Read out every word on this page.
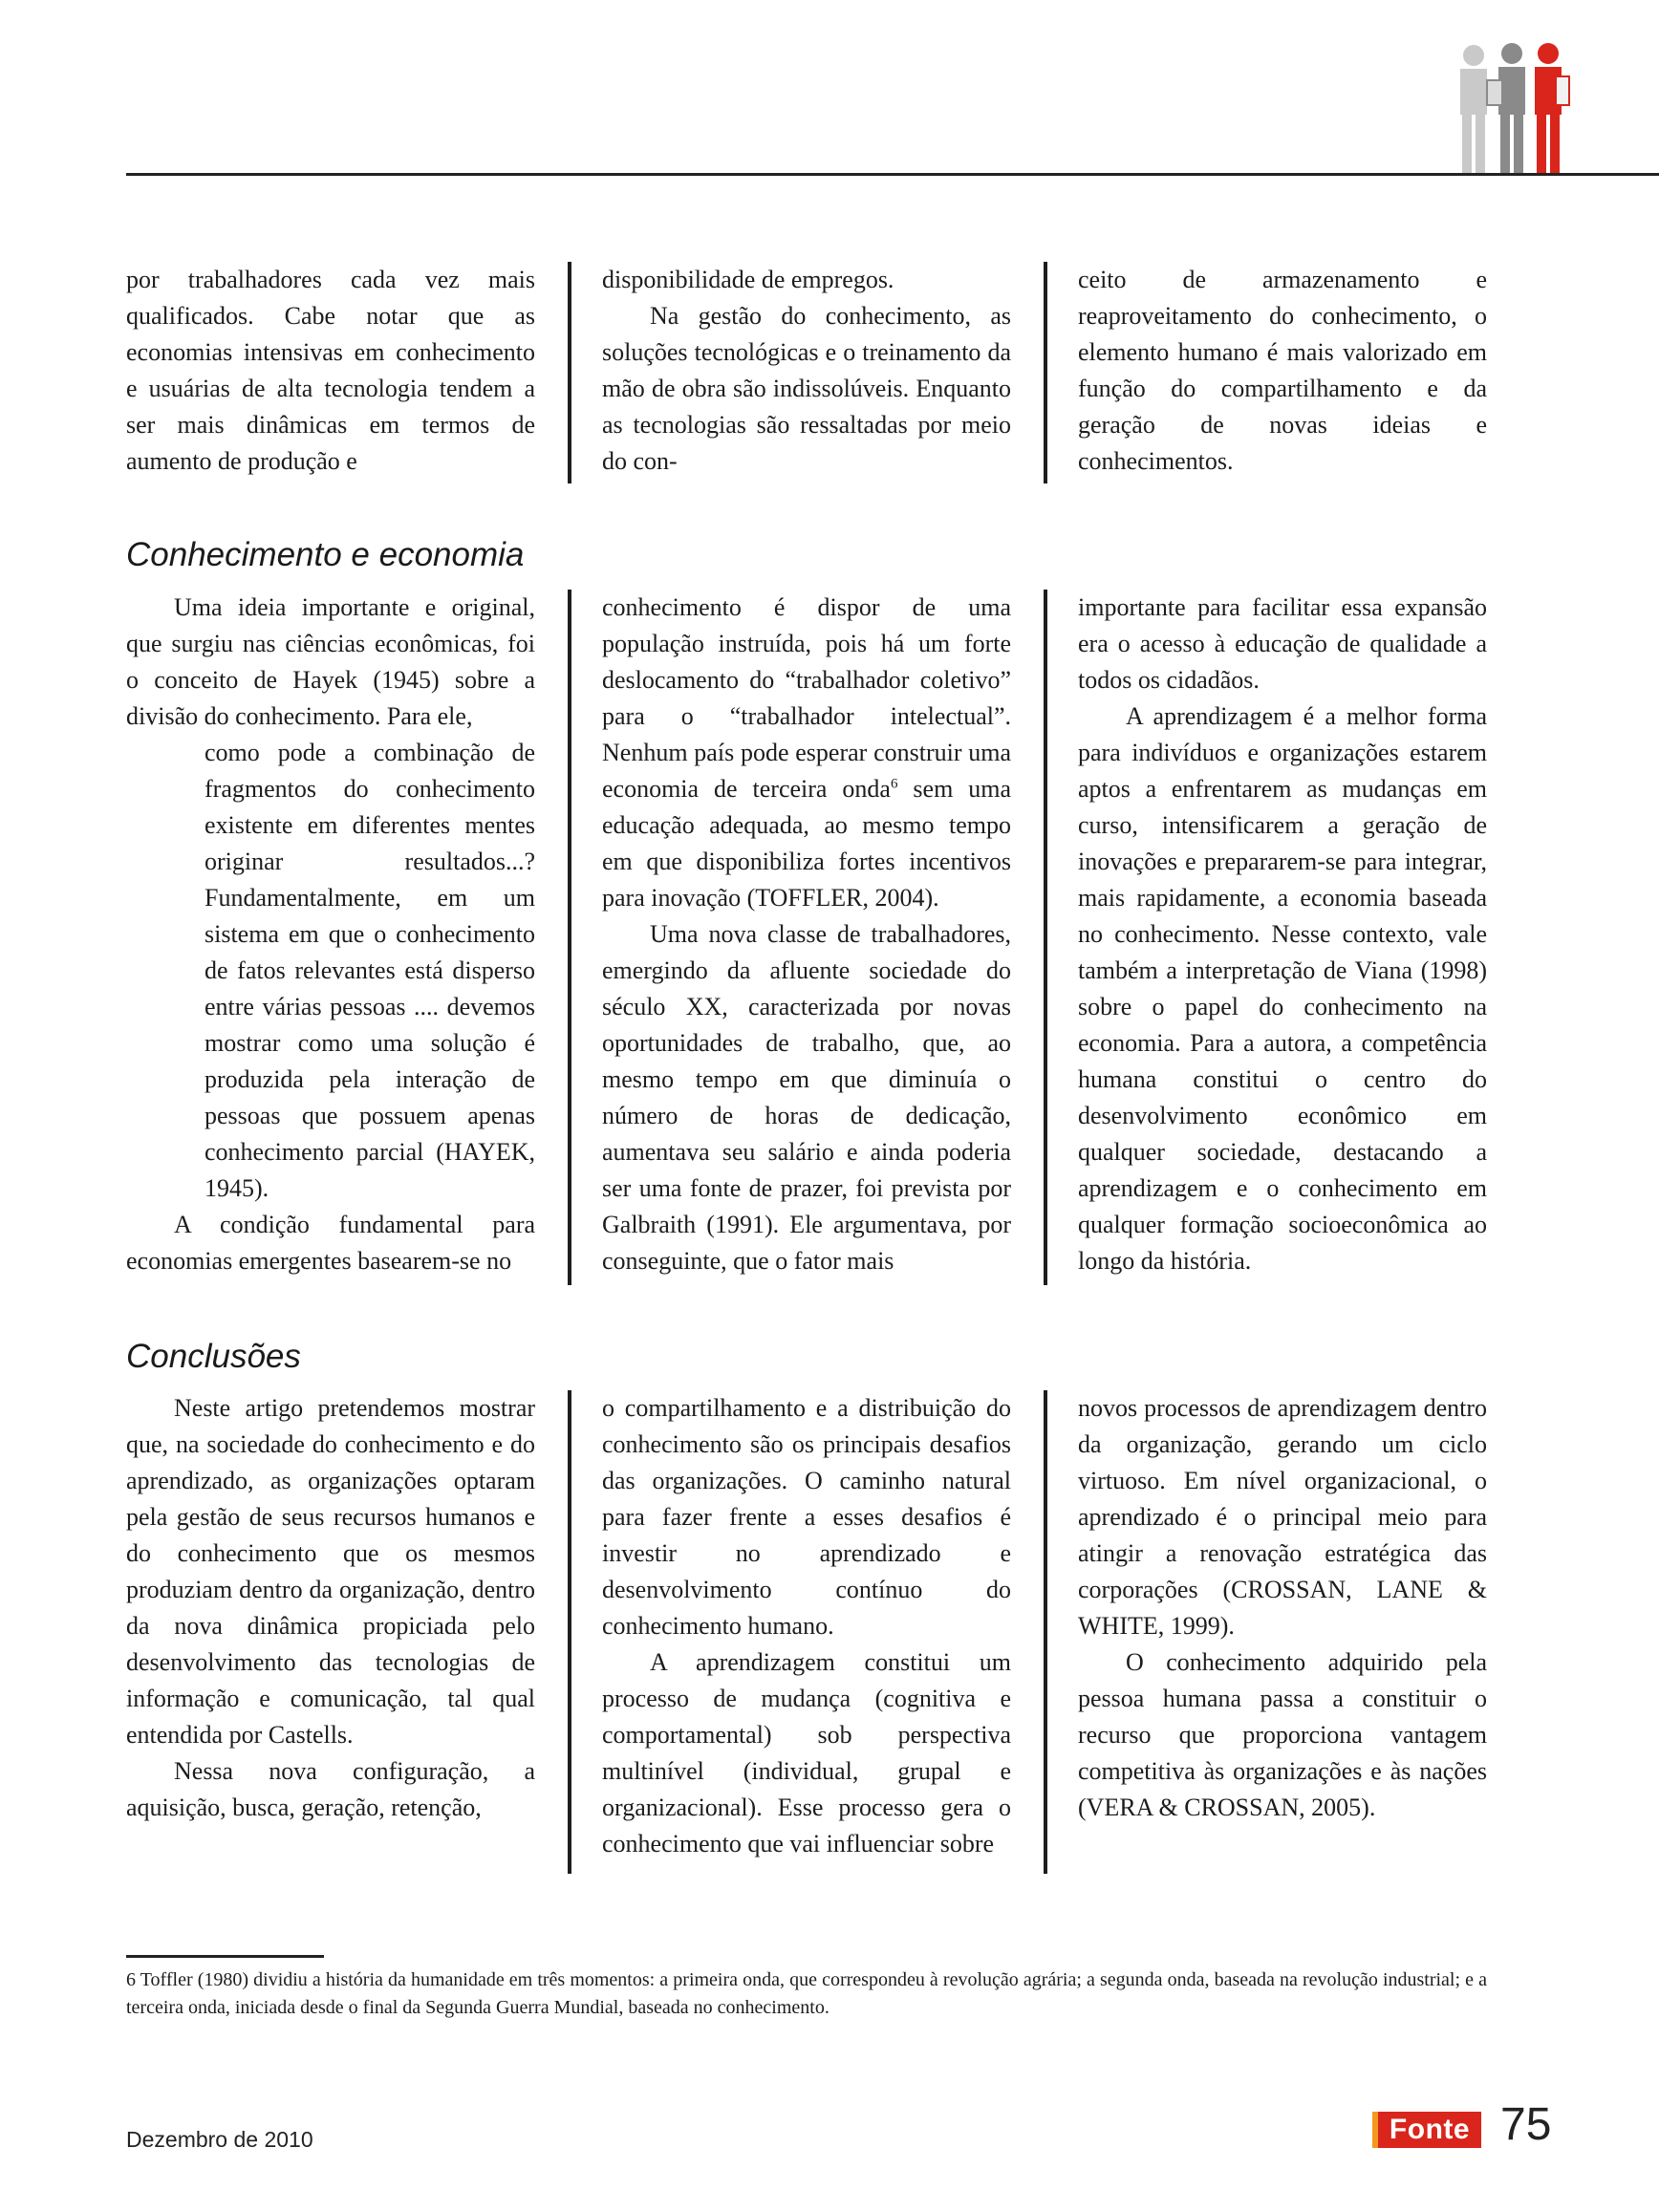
por trabalhadores cada vez mais qualificados. Cabe notar que as economias intensivas em conhecimento e usuárias de alta tecnologia tendem a ser mais dinâmicas em termos de aumento de produção e

disponibilidade de empregos.

Na gestão do conhecimento, as soluções tecnológicas e o treinamento da mão de obra são indissolúveis. Enquanto as tecnologias são ressaltadas por meio do con-

ceito de armazenamento e reaproveitamento do conhecimento, o elemento humano é mais valorizado em função do compartilhamento e da geração de novas ideias e conhecimentos.

Conhecimento e economia

Uma ideia importante e original, que surgiu nas ciências econômicas, foi o conceito de Hayek (1945) sobre a divisão do conhecimento. Para ele,

como pode a combinação de fragmentos do conhecimento existente em diferentes mentes originar resultados...? Fundamentalmente, em um sistema em que o conhecimento de fatos relevantes está disperso entre várias pessoas .... devemos mostrar como uma solução é produzida pela interação de pessoas que possuem apenas conhecimento parcial (HAYEK, 1945).

A condição fundamental para economias emergentes basearem-se no

conhecimento é dispor de uma população instruída, pois há um forte deslocamento do “trabalhador coletivo” para o “trabalhador intelectual”. Nenhum país pode esperar construir uma economia de terceira onda$^6$ sem uma educação adequada, ao mesmo tempo em que disponibiliza fortes incentivos para inovação (TOFFLER, 2004).

Uma nova classe de trabalhadores, emergindo da afluente sociedade do século XX, caracterizada por novas oportunidades de trabalho, que, ao mesmo tempo em que diminuía o número de horas de dedicação, aumentava seu salário e ainda poderia ser uma fonte de prazer, foi prevista por Galbraith (1991). Ele argumentava, por conseguinte, que o fator mais

importante para facilitar essa expansão era o acesso à educação de qualidade a todos os cidadãos.

A aprendizagem é a melhor forma para indivíduos e organizações estarem aptos a enfrentarem as mudanças em curso, intensificarem a geração de inovações e prepararem-se para integrar, mais rapidamente, a economia baseada no conhecimento. Nesse contexto, vale também a interpretação de Viana (1998) sobre o papel do conhecimento na economia. Para a autora, a competência humana constitui o centro do desenvolvimento econômico em qualquer sociedade, destacando a aprendizagem e o conhecimento em qualquer formação socioeconômica ao longo da história.

Conclusões

Neste artigo pretendemos mostrar que, na sociedade do conhecimento e do aprendizado, as organizações optaram pela gestão de seus recursos humanos e do conhecimento que os mesmos produziam dentro da organização, dentro da nova dinâmica propiciada pelo desenvolvimento das tecnologias de informação e comunicação, tal qual entendida por Castells.

Nessa nova configuração, a aquisição, busca, geração, retenção,

o compartilhamento e a distribuição do conhecimento são os principais desafios das organizações. O caminho natural para fazer frente a esses desafios é investir no aprendizado e desenvolvimento contínuo do conhecimento humano.

A aprendizagem constitui um processo de mudança (cognitiva e comportamental) sob perspectiva multinível (individual, grupal e organizacional). Esse processo gera o conhecimento que vai influenciar sobre

novos processos de aprendizagem dentro da organização, gerando um ciclo virtuoso. Em nível organizacional, o aprendizado é o principal meio para atingir a renovação estratégica das corporações (CROSSAN, LANE & WHITE, 1999).

O conhecimento adquirido pela pessoa humana passa a constituir o recurso que proporciona vantagem competitiva às organizações e às nações (VERA & CROSSAN, 2005).

6 Toffler (1980) dividiu a história da humanidade em três momentos: a primeira onda, que correspondeu à revolução agrária; a segunda onda, baseada na revolução industrial; e a terceira onda, iniciada desde o final da Segunda Guerra Mundial, baseada no conhecimento.
Dezembro de 2010	Fonte 75
